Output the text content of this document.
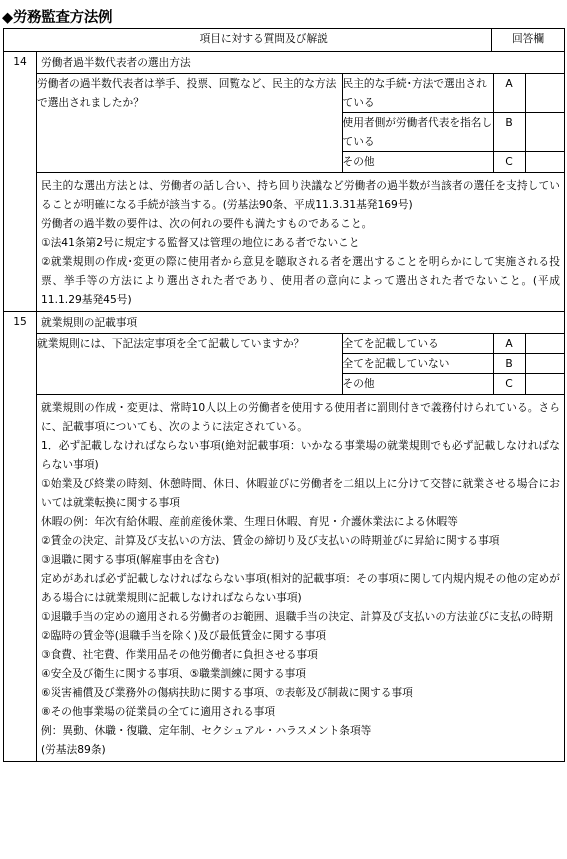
◆労務監査方法例
	項目に対する質問及び解説	回答欄
14	労働者過半数代表者の選出方法

労働者の過半数代表者は挙手、投票、回覧など、民主的な方法で選出されましたか？	民主的な手続･方法で選出されている	A	
使用者側が労働者代表を指名している	B	
その他	C	

民主的な選出方法とは、労働者の話し合い、持ち回り決議など労働者の過半数が当該者の選任を支持していることが明確になる手続が該当する。(労基法90条、平成11.3.31基発169号)
労働者の過半数の要件は、次の何れの要件も満たすものであること。
①法41条第2号に規定する監督又は管理の地位にある者でないこと
②就業規則の作成･変更の際に使用者から意見を聴取される者を選出することを明らかにして実施される投票、挙手等の方法により選出された者であり、使用者の意向によって選出された者でないこと。(平成11.1.29基発45号)

15	就業規則の記載事項

就業規則には、下記法定事項を全て記載していますか？	全てを記載している	A	
全てを記載していない	B	
その他	C	

就業規則の作成・変更は、常時10人以上の労働者を使用する使用者に罰則付きで義務付けられている。さらに、記載事項についても、次のように法定されている。
1．必ず記載しなければならない事項(絶対記載事項：いかなる事業場の就業規則でも必ず記載しなければならない事項)
①始業及び終業の時刻、休憩時間、休日、休暇並びに労働者を二組以上に分けて交替に就業させる場合においては就業転換に関する事項
休暇の例：年次有給休暇、産前産後休業、生理日休暇、育児・介護休業法による休暇等
②賃金の決定、計算及び支払いの方法、賃金の締切り及び支払いの時期並びに昇給に関する事項
③退職に関する事項(解雇事由を含む)
定めがあれば必ず記載しなければならない事項(相対的記載事項：その事項に関して内規内規その他の定めがある場合には就業規則に記載しなければならない事項)
①退職手当の定めの適用される労働者のお範囲、退職手当の決定、計算及び支払いの方法並びに支払の時期
②臨時の賃金等(退職手当を除く)及び最低賃金に関する事項
③食費、社宅費、作業用品その他労働者に負担させる事項
④安全及び衛生に関する事項、⑤職業訓練に関する事項
⑥災害補償及び業務外の傷病扶助に関する事項、⑦表彰及び制裁に関する事項
⑧その他事業場の従業員の全てに適用される事項
例：異動、休職・復職、定年制、セクシュアル・ハラスメント条項等
(労基法89条)
